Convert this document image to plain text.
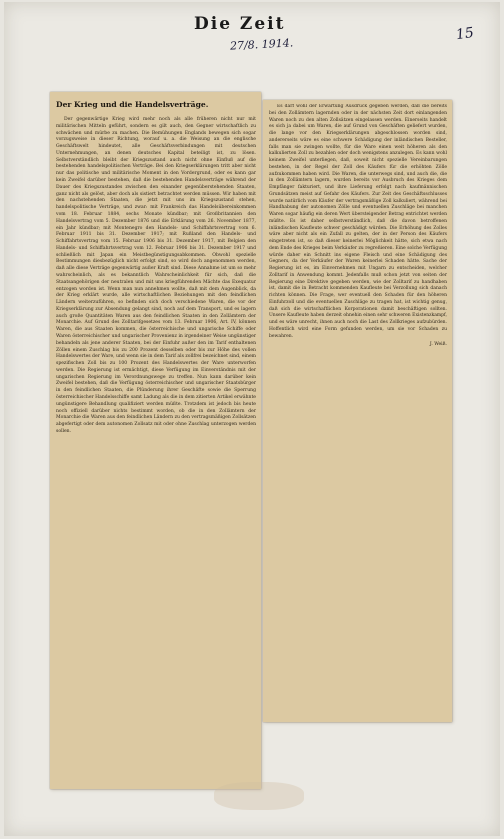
Die Zeit
27/8. 1914.
15
Der Krieg und die Handelsverträge.

Der gegenwärtige Krieg wird mehr noch als alle früheren nicht nur mit militärischen Mitteln geführt, sondern es gilt auch, den Gegner wirtschaftlich zu schwächen und mürbe zu machen. Die Bemühungen Englands bewegen sich sogar vorzugsweise in dieser Richtung, worauf u. a. die Weisung an die englische Geschäftswelt hindeutet, alle Geschäftsverbindungen mit deutschen Unternehmungen, an denen deutsches Kapital beteiligt ist, zu lösen. Selbstverständlich bleibt der Kriegszustand auch nicht ohne Einfluß auf die bestehenden handelspolitischen Verträge. Bei den Kriegserklärungen tritt aber nicht nur das politische und militärische Moment in den Vordergrund, oder es kann gar kein Zweifel darüber bestehen, daß die bestehenden Handelsverträge während der Dauer des Kriegszustandes zwischen den einander gegenüberstehenden Staaten, ganz nicht als gelöst, aber doch als sistiert betrachtet werden müssen. Wir haben mit den nachstehenden Staaten, die jetzt mit uns im Kriegszustand stehen, handelspolitische Verträge, und zwar: mit Frankreich das Handelsübereinkommen vom 18. Februar 1884, sechs Monate kündbar; mit Großbritannien den Handelsvertrag vom 5. Dezember 1876 und die Erklärung vom 26. November 1877, ein Jahr kündbar; mit Montenegro den Handels- und Schiffahrtsvertrag vom 6. Februar 1911 bis 31. Dezember 1917; mit Rußland den Handels- und Schiffahrtsvertrag vom 15. Februar 1906 bis 31. Dezember 1917, mit Belgien den Handels- und Schiffahrtsvertrag vom 12. Februar 1906 bis 31. Dezember 1917 und schließlich mit Japan ein Meistbegünstigungsabkommen. Obwohl spezielle Bestimmungen diesbezüglich nicht erfolgt sind, so wird doch angenommen werden, daß alle diese Verträge gegenwärtig außer Kraft sind. Diese Annahme ist um so mehr wahrscheinlich, als es bekanntlich Wahrscheinlichkeit für sich, daß die Staatsangehörigen der neutralen und mit uns kriegführenden Mächte das Exequatur entzogen worden ist. Wenn man nun annehmen wollte, daß mit dem Augenblick, da der Krieg erklärt wurde, alle wirtschaftlichen Beziehungen mit den feindlichen Ländern weiterzuführen, so befinden sich doch verschiedene Waren, die vor der Kriegserklärung zur Absendung gelangt sind, noch auf dem Transport, und es lagern auch große Quantitäten Waren aus den feindlichen Staaten in den Zollämtern der Monarchie. Auf Grund des Zolltarifgesetzes vom 13. Februar 1906, Art. IV, können Waren, die aus Staaten kommen, die österreichische und ungarische Schiffe oder Waren österreichischer und ungarischer Provenienz in irgendeiner Weise ungünstiger behandeln als jene anderer Staaten, bei der Einfuhr außer den im Tarif enthaltenen Zöllen einem Zuschlag bis zu 200 Prozent desselben oder bis zur Höhe des vollen Handelswertes der Ware, und wenn sie in dem Tarif als zollfrei bezeichnet sind, einem spezifischen Zoll bis zu 100 Prozent des Handelswertes der Ware unterworfen werden. Die Regierung ist ermächtigt, diese Verfügung im Einverständnis mit der ungarischen Regierung im Verordnungswege zu treffen. Nun kann darüber kein Zweifel bestehen, daß die Verfügung österreichischer und ungarischer Staatsbürger in den feindlichen Staaten, die Plünderung ihrer Geschäfte sowie die Sperrung österreichischer Handelsschiffe samt Ladung als die in dem zitierten Artikel erwähnte ungünstigere Behandlung qualifiziert werden müßte. Trotzdem ist jedoch bis heute noch offiziell darüber nichts bestimmt worden, ob die in den Zollämtern der Monarchie die Waren aus den feindlichen Ländern zu den vertragsmäßigen Zollsätzen abgefertigt oder dem autonomen Zollsatz mit oder ohne Zuschlag unterzogen werden sollen.

Es darf wohl der Erwartung Ausdruck gegeben werden, daß die bereits bei den Zollämtern lagernden oder in der nächsten Zeit dort einlangenden Waren noch zu den alten Zollsätzen eingelassen werden. Einerseits handelt es sich ja dabei um Waren, die auf Grund von Geschäften geliefert wurden, die lange vor den Kriegserklärungen abgeschlossen worden sind, andererseits wäre es eine schwere Schädigung der inländischen Besteller, falls man sie zwingen wollte, für die Ware einen weit höheren als den kalkulierten Zoll zu bezahlen oder doch wenigstens anzulegen. Es kann wohl keinem Zweifel unterliegen, daß, soweit nicht spezielle Vereinbarungen bestehen, in der Regel der Zoll des Käufers für die erhöhten Zölle aufzukommen haben wird. Die Waren, die unterwegs sind, und auch die, die in den Zollämtern lagern, wurden bereits vor Ausbruch des Krieges dem Empfänger fakturiert, und ihre Lieferung erfolgt nach kaufmännischen Grundsätzen meist auf Gefahr des Käufers. Zur Zeit des Geschäftsschlusses wurde natürlich vom Käufer der vertragsmäßige Zoll kalkuliert, während bei Handhabung der autonomen Zölle und eventuellen Zuschläge bei manchen Waren sogar häufig ein deren Wert übersteigender Betrag entrichtet werden müßte. Es ist daher selbstverständlich, daß die davon betroffenen inländischen Kaufleute schwer geschädigt würden. Die Erhöhung des Zolles wäre aber nicht als ein Zufall zu gelten, der in der Person des Käufers eingetreten ist, so daß dieser keinerlei Möglichkeit hätte, sich etwa nach dem Ende des Krieges beim Verkäufer zu regreßieren. Eine solche Verfügung würde daher ein Schnitt ins eigene Fleisch und eine Schädigung des Gegners, da der Verkäufer der Waren keinerlei Schaden hätte. Sache der Regierung ist es, im Einvernehmen mit Ungarn zu entscheiden, welcher Zolltarif in Anwendung kommt. Jedenfalls muß schon jetzt von seiten der Regierung eine Direktive gegeben werden, wie der Zolltarif zu handhaben ist, damit die in Betracht kommenden Kaufleute bei Verzollung sich danach richten können. Die Frage, wer eventuell den Schaden für den höheren Einfuhrzoll und die eventuellen Zuschläge zu tragen hat, ist wichtig genug, daß sich die wirtschaftlichen Korporationen damit beschäftigen sollten. Unsere Kaufleute haben derzeit ohnehin einen sehr schweren Existenzkampf, und es wäre unrecht, ihnen auch noch die Last des Zollkrieges aufzubürden. Hoffentlich wird eine Form gefunden werden, um sie vor Schaden zu bewahren.

J. Weiß.
